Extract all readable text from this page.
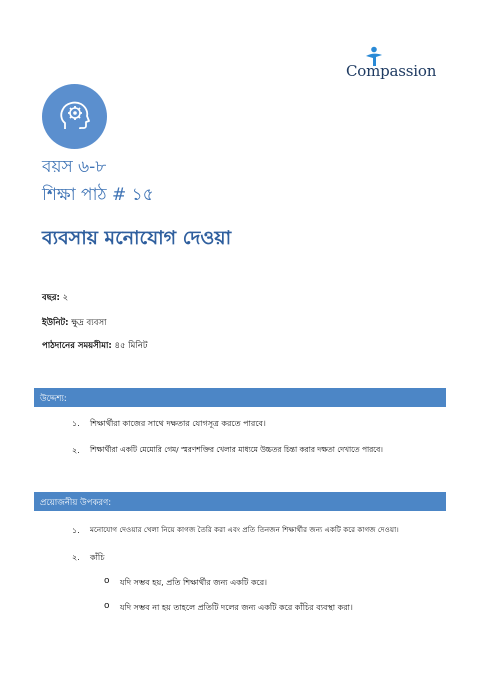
Compassion
বয়স ৬-৮
শিক্ষা পাঠ # ১৫
ব্যবসায় মনোযোগ দেওয়া
বছর: ২
ইউনিট: ক্ষুদ্র ব্যবসা
পাঠদানের সময়সীমা: ৪৫ মিনিট
উদ্দেশ্য:
১. শিক্ষার্থীরা কাজের সাথে দক্ষতার যোগসূত্র করতে পারবে।
২. শিক্ষার্থীরা একটি মেমোরি গেম/ স্মরণশক্তির খেলার মাধ্যমে উচ্চতর চিন্তা করার দক্ষতা দেখাতে পারবে।
প্রয়োজনীয় উপকরণ:
১. মনোযোগ দেওয়ার খেলা নিয়ে কাগজ তৈরি করা এবং প্রতি তিনজন শিক্ষার্থীর জন্য একটি করে কাগজ দেওয়া।
২. কাঁচি
o যদি সম্ভব হয়, প্রতি শিক্ষার্থীর জন্য একটি করে।
o যদি সম্ভব না হয় তাহলে প্রতিটি দলের জন্য একটি করে কাঁচির ব্যবস্থা করা।
